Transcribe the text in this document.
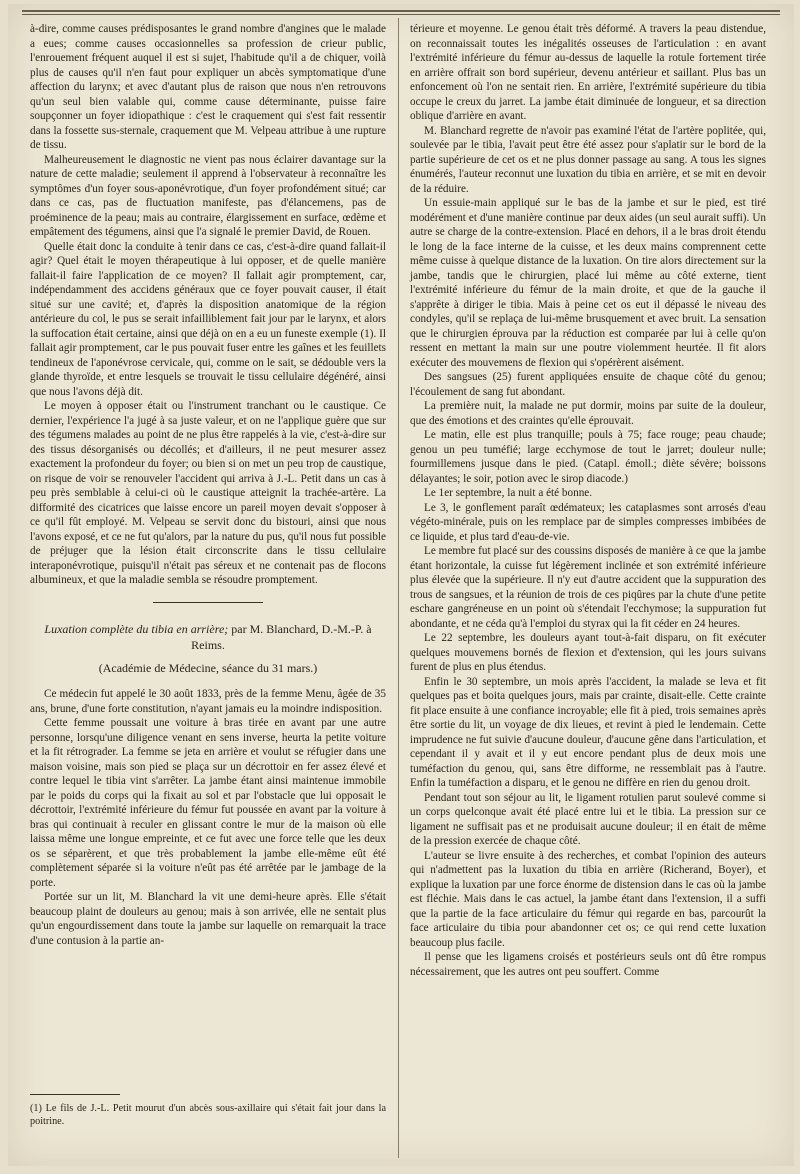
à-dire, comme causes prédisposantes le grand nombre d'angines que le malade a eues; comme causes occasionnelles sa profession de crieur public, l'enrouement fréquent auquel il est si sujet, l'habitude qu'il a de chiquer, voilà plus de causes qu'il n'en faut pour expliquer un abcès symptomatique d'une affection du larynx; et avec d'autant plus de raison que nous n'en retrouvons qu'un seul bien valable qui, comme cause déterminante, puisse faire soupçonner un foyer idiopathique : c'est le craquement qui s'est fait ressentir dans la fossette sus-sternale, craquement que M. Velpeau attribue à une rupture de tissu.

Malheureusement le diagnostic ne vient pas nous éclairer davantage sur la nature de cette maladie; seulement il apprend à l'observateur à reconnaître les symptômes d'un foyer sous-aponévrotique, d'un foyer profondément situé; car dans ce cas, pas de fluctuation manifeste, pas d'élancemens, pas de proéminence de la peau; mais au contraire, élargissement en surface, œdème et empâtement des tégumens, ainsi que l'a signalé le premier David, de Rouen.

Quelle était donc la conduite à tenir dans ce cas, c'est-à-dire quand fallait-il agir? Quel était le moyen thérapeutique à lui opposer, et de quelle manière fallait-il faire l'application de ce moyen? Il fallait agir promptement, car, indépendamment des accidens généraux que ce foyer pouvait causer, il était situé sur une cavité; et, d'après la disposition anatomique de la région antérieure du col, le pus se serait infailliblement fait jour par le larynx, et alors la suffocation était certaine, ainsi que déjà on en a eu un funeste exemple (1). Il fallait agir promptement, car le pus pouvait fuser entre les gaînes et les feuillets tendineux de l'aponévrose cervicale, qui, comme on le sait, se dédouble vers la glande thyroïde, et entre lesquels se trouvait le tissu cellulaire dégénéré, ainsi que nous l'avons déjà dit.

Le moyen à opposer était ou l'instrument tranchant ou le caustique. Ce dernier, l'expérience l'a jugé à sa juste valeur, et on ne l'applique guère que sur des tégumens malades au point de ne plus être rappelés à la vie, c'est-à-dire sur des tissus désorganisés ou décollés; et d'ailleurs, il ne peut mesurer assez exactement la profondeur du foyer; ou bien si on met un peu trop de caustique, on risque de voir se renouveler l'accident qui arriva à J.-L. Petit dans un cas à peu près semblable à celui-ci où le caustique atteignit la trachée-artère. La difformité des cicatrices que laisse encore un pareil moyen devait s'opposer à ce qu'il fût employé. M. Velpeau se servit donc du bistouri, ainsi que nous l'avons exposé, et ce ne fut qu'alors, par la nature du pus, qu'il nous fut possible de préjuger que la lésion était circonscrite dans le tissu cellulaire interaponévrotique, puisqu'il n'était pas séreux et ne contenait pas de flocons albumineux, et que la maladie sembla se résoudre promptement.

Luxation complète du tibia en arrière; par M. Blanchard, D.-M.-P. à Reims.
(Académie de Médecine, séance du 31 mars.)

Ce médecin fut appelé le 30 août 1833, près de la femme Menu, âgée de 35 ans, brune, d'une forte constitution, n'ayant jamais eu la moindre indisposition.

Cette femme poussait une voiture à bras tirée en avant par une autre personne, lorsqu'une diligence venant en sens inverse, heurta la petite voiture et la fit rétrograder. La femme se jeta en arrière et voulut se réfugier dans une maison voisine, mais son pied se plaça sur un décrottoir en fer assez élevé et contre lequel le tibia vint s'arrêter. La jambe étant ainsi maintenue immobile par le poids du corps qui la fixait au sol et par l'obstacle que lui opposait le décrottoir, l'extrémité inférieure du fémur fut poussée en avant par la voiture à bras qui continuait à reculer en glissant contre le mur de la maison où elle laissa même une longue empreinte, et ce fut avec une force telle que les deux os se séparèrent, et que très probablement la jambe elle-même eût été complètement séparée si la voiture n'eût pas été arrêtée par le jambage de la porte.

Portée sur un lit, M. Blanchard la vit une demi-heure après. Elle s'était beaucoup plaint de douleurs au genou; mais à son arrivée, elle ne sentait plus qu'un engourdissement dans toute la jambe sur laquelle on remarquait la trace d'une contusion à la partie an-

(1) Le fils de J.-L. Petit mourut d'un abcès sous-axillaire qui s'était fait jour dans la poitrine.

térieure et moyenne. Le genou était très déformé. A travers la peau distendue, on reconnaissait toutes les inégalités osseuses de l'articulation : en avant l'extrémité inférieure du fémur au-dessus de laquelle la rotule fortement tirée en arrière offrait son bord supérieur, devenu antérieur et saillant. Plus bas un enfoncement où l'on ne sentait rien. En arrière, l'extrémité supérieure du tibia occupe le creux du jarret. La jambe était diminuée de longueur, et sa direction oblique d'arrière en avant.

M. Blanchard regrette de n'avoir pas examiné l'état de l'artère poplitée, qui, soulevée par le tibia, l'avait peut être été assez pour s'aplatir sur le bord de la partie supérieure de cet os et ne plus donner passage au sang. A tous les signes énumérés, l'auteur reconnut une luxation du tibia en arrière, et se mit en devoir de la réduire.

Un essuie-main appliqué sur le bas de la jambe et sur le pied, est tiré modérément et d'une manière continue par deux aides (un seul aurait suffi). Un autre se charge de la contre-extension. Placé en dehors, il a le bras droit étendu le long de la face interne de la cuisse, et les deux mains comprennent cette même cuisse à quelque distance de la luxation. On tire alors directement sur la jambe, tandis que le chirurgien, placé lui même au côté externe, tient l'extrémité inférieure du fémur de la main droite, et que de la gauche il s'apprête à diriger le tibia. Mais à peine cet os eut il dépassé le niveau des condyles, qu'il se replaça de lui-même brusquement et avec bruit. La sensation que le chirurgien éprouva par la réduction est comparée par lui à celle qu'on ressent en mettant la main sur une poutre violemment heurtée. Il fit alors exécuter des mouvemens de flexion qui s'opérèrent aisément.

Des sangsues (25) furent appliquées ensuite de chaque côté du genou; l'écoulement de sang fut abondant.

La première nuit, la malade ne put dormir, moins par suite de la douleur, que des émotions et des craintes qu'elle éprouvait.

Le matin, elle est plus tranquille; pouls à 75; face rouge; peau chaude; genou un peu tuméfié; large ecchymose de tout le jarret; douleur nulle; fourmillemens jusque dans le pied. (Catapl. émoll.; diète sévère; boissons délayantes; le soir, potion avec le sirop diacode.)

Le 1er septembre, la nuit a été bonne.

Le 3, le gonflement paraît œdémateux; les cataplasmes sont arrosés d'eau végéto-minérale, puis on les remplace par de simples compresses imbibées de ce liquide, et plus tard d'eau-de-vie.

Le membre fut placé sur des coussins disposés de manière à ce que la jambe étant horizontale, la cuisse fut légèrement inclinée et son extrémité inférieure plus élevée que la supérieure. Il n'y eut d'autre accident que la suppuration des trous de sangsues, et la réunion de trois de ces piqûres par la chute d'une petite eschare gangréneuse en un point où s'étendait l'ecchymose; la suppuration fut abondante, et ne céda qu'à l'emploi du styrax qui la fit céder en 24 heures.

Le 22 septembre, les douleurs ayant tout-à-fait disparu, on fit exécuter quelques mouvemens bornés de flexion et d'extension, qui les jours suivans furent de plus en plus étendus.

Enfin le 30 septembre, un mois après l'accident, la malade se leva et fit quelques pas et boita quelques jours, mais par crainte, disait-elle. Cette crainte fit place ensuite à une confiance incroyable; elle fit à pied, trois semaines après être sortie du lit, un voyage de dix lieues, et revint à pied le lendemain. Cette imprudence ne fut suivie d'aucune douleur, d'aucune gêne dans l'articulation, et cependant il y avait et il y eut encore pendant plus de deux mois une tuméfaction du genou, qui, sans être difforme, ne ressemblait pas à l'autre. Enfin la tuméfaction a disparu, et le genou ne diffère en rien du genou droit.

Pendant tout son séjour au lit, le ligament rotulien parut soulevé comme si un corps quelconque avait été placé entre lui et le tibia. La pression sur ce ligament ne suffisait pas et ne produisait aucune douleur; il en était de même de la pression exercée de chaque côté.

L'auteur se livre ensuite à des recherches, et combat l'opinion des auteurs qui n'admettent pas la luxation du tibia en arrière (Richerand, Boyer), et explique la luxation par une force énorme de distension dans le cas où la jambe est fléchie. Mais dans le cas actuel, la jambe étant dans l'extension, il a suffi que la partie de la face articulaire du fémur qui regarde en bas, parcourût la face articulaire du tibia pour abandonner cet os; ce qui rend cette luxation beaucoup plus facile.

Il pense que les ligamens croisés et postérieurs seuls ont dû être rompus nécessairement, que les autres ont peu souffert. Comme
